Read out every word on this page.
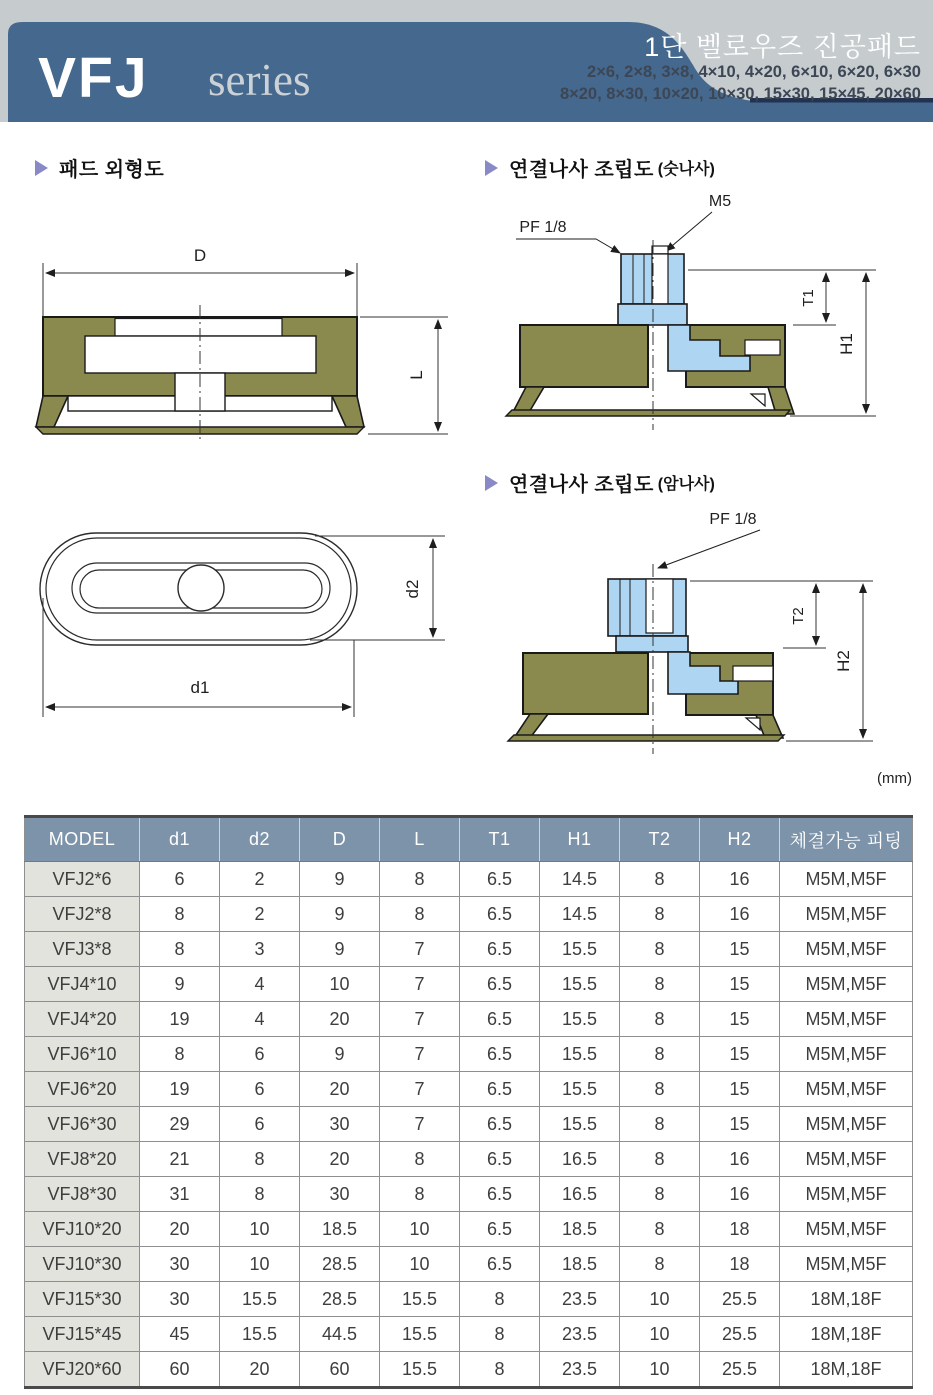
VFJ series
1단 벨로우즈 진공패드
2×6, 2×8, 3×8, 4×10, 4×20, 6×10, 6×20, 6×30
8×20, 8×30, 10×20, 10×30, 15×30, 15×45, 20×60
패드 외형도	연결나사 조립도 (숫나사)
연결나사 조립도 (암나사)
D
L
M5
PF 1/8
T1
H1
d2
d1
PF 1/8
T2
H2
(mm)
MODEL	d1	d2	D	L	T1	H1	T2	H2	체결가능 피팅
VFJ2*6	6	2	9	8	6.5	14.5	8	16	M5M,M5F
VFJ2*8	8	2	9	8	6.5	14.5	8	16	M5M,M5F
VFJ3*8	8	3	9	7	6.5	15.5	8	15	M5M,M5F
VFJ4*10	9	4	10	7	6.5	15.5	8	15	M5M,M5F
VFJ4*20	19	4	20	7	6.5	15.5	8	15	M5M,M5F
VFJ6*10	8	6	9	7	6.5	15.5	8	15	M5M,M5F
VFJ6*20	19	6	20	7	6.5	15.5	8	15	M5M,M5F
VFJ6*30	29	6	30	7	6.5	15.5	8	15	M5M,M5F
VFJ8*20	21	8	20	8	6.5	16.5	8	16	M5M,M5F
VFJ8*30	31	8	30	8	6.5	16.5	8	16	M5M,M5F
VFJ10*20	20	10	18.5	10	6.5	18.5	8	18	M5M,M5F
VFJ10*30	30	10	28.5	10	6.5	18.5	8	18	M5M,M5F
VFJ15*30	30	15.5	28.5	15.5	8	23.5	10	25.5	18M,18F
VFJ15*45	45	15.5	44.5	15.5	8	23.5	10	25.5	18M,18F
VFJ20*60	60	20	60	15.5	8	23.5	10	25.5	18M,18F
